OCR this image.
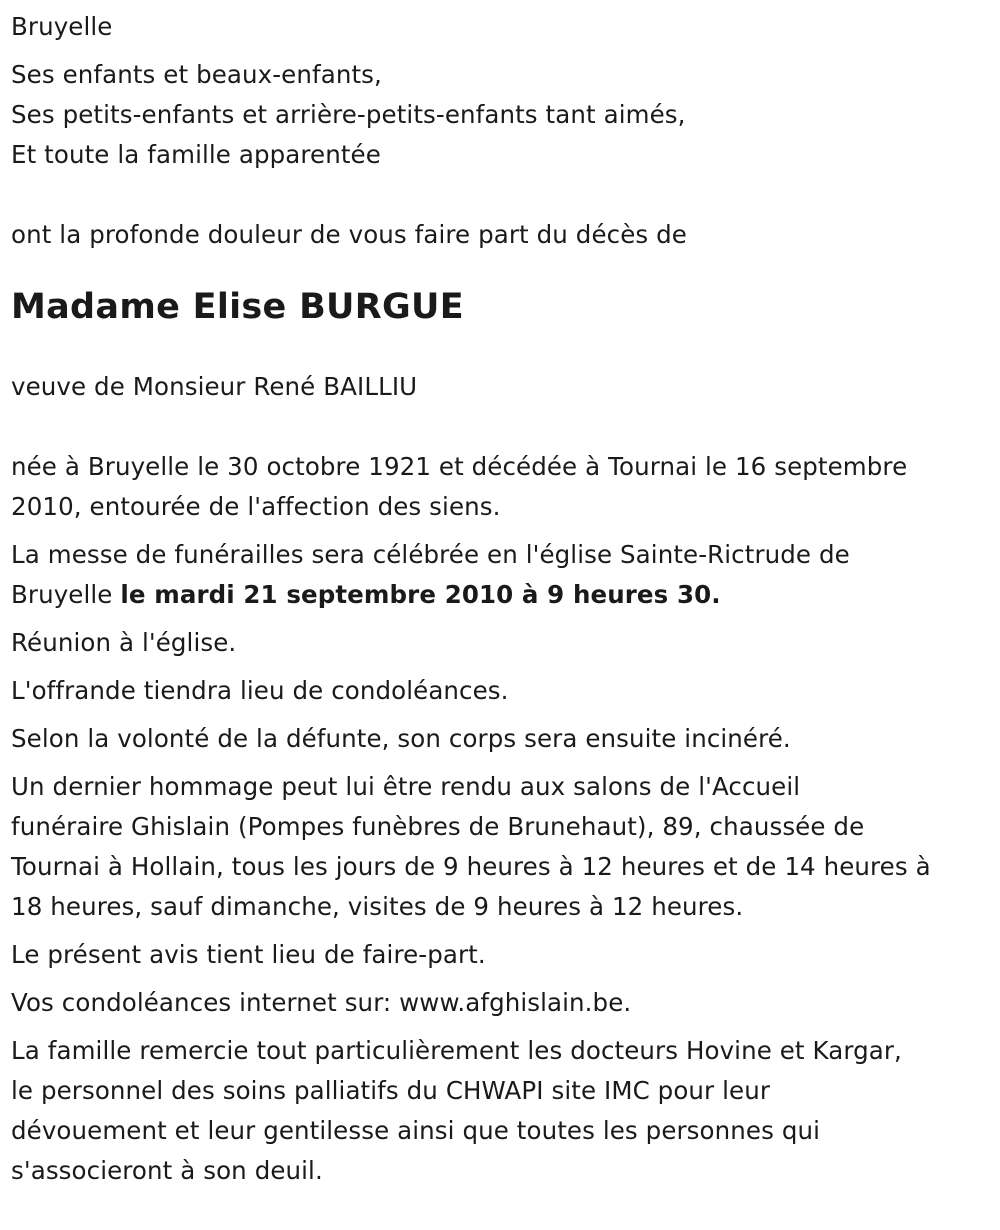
Bruyelle

Ses enfants et beaux-enfants,

Ses petits-enfants et arrière-petits-enfants tant aimés,

Et toute la famille apparentée

ont la profonde douleur de vous faire part du décès de

Madame Elise BURGUE

veuve de Monsieur René BAILLIU

née à Bruyelle le 30 octobre 1921 et décédée à Tournai le 16 septembre

2010, entourée de l'affection des siens.

La messe de funérailles sera célébrée en l'église Sainte-Rictrude de

Bruyelle le mardi 21 septembre 2010 à 9 heures 30.

Réunion à l'église.

L'offrande tiendra lieu de condoléances.

Selon la volonté de la défunte, son corps sera ensuite incinéré.

Un dernier hommage peut lui être rendu aux salons de l'Accueil

funéraire Ghislain (Pompes funèbres de Brunehaut), 89, chaussée de

Tournai à Hollain, tous les jours de 9 heures à 12 heures et de 14 heures à

18 heures, sauf dimanche, visites de 9 heures à 12 heures.

Le présent avis tient lieu de faire-part.

Vos condoléances internet sur: www.afghislain.be.

La famille remercie tout particulièrement les docteurs Hovine et Kargar,

le personnel des soins palliatifs du CHWAPI site IMC pour leur

dévouement et leur gentilesse ainsi que toutes les personnes qui

s'associeront à son deuil.
